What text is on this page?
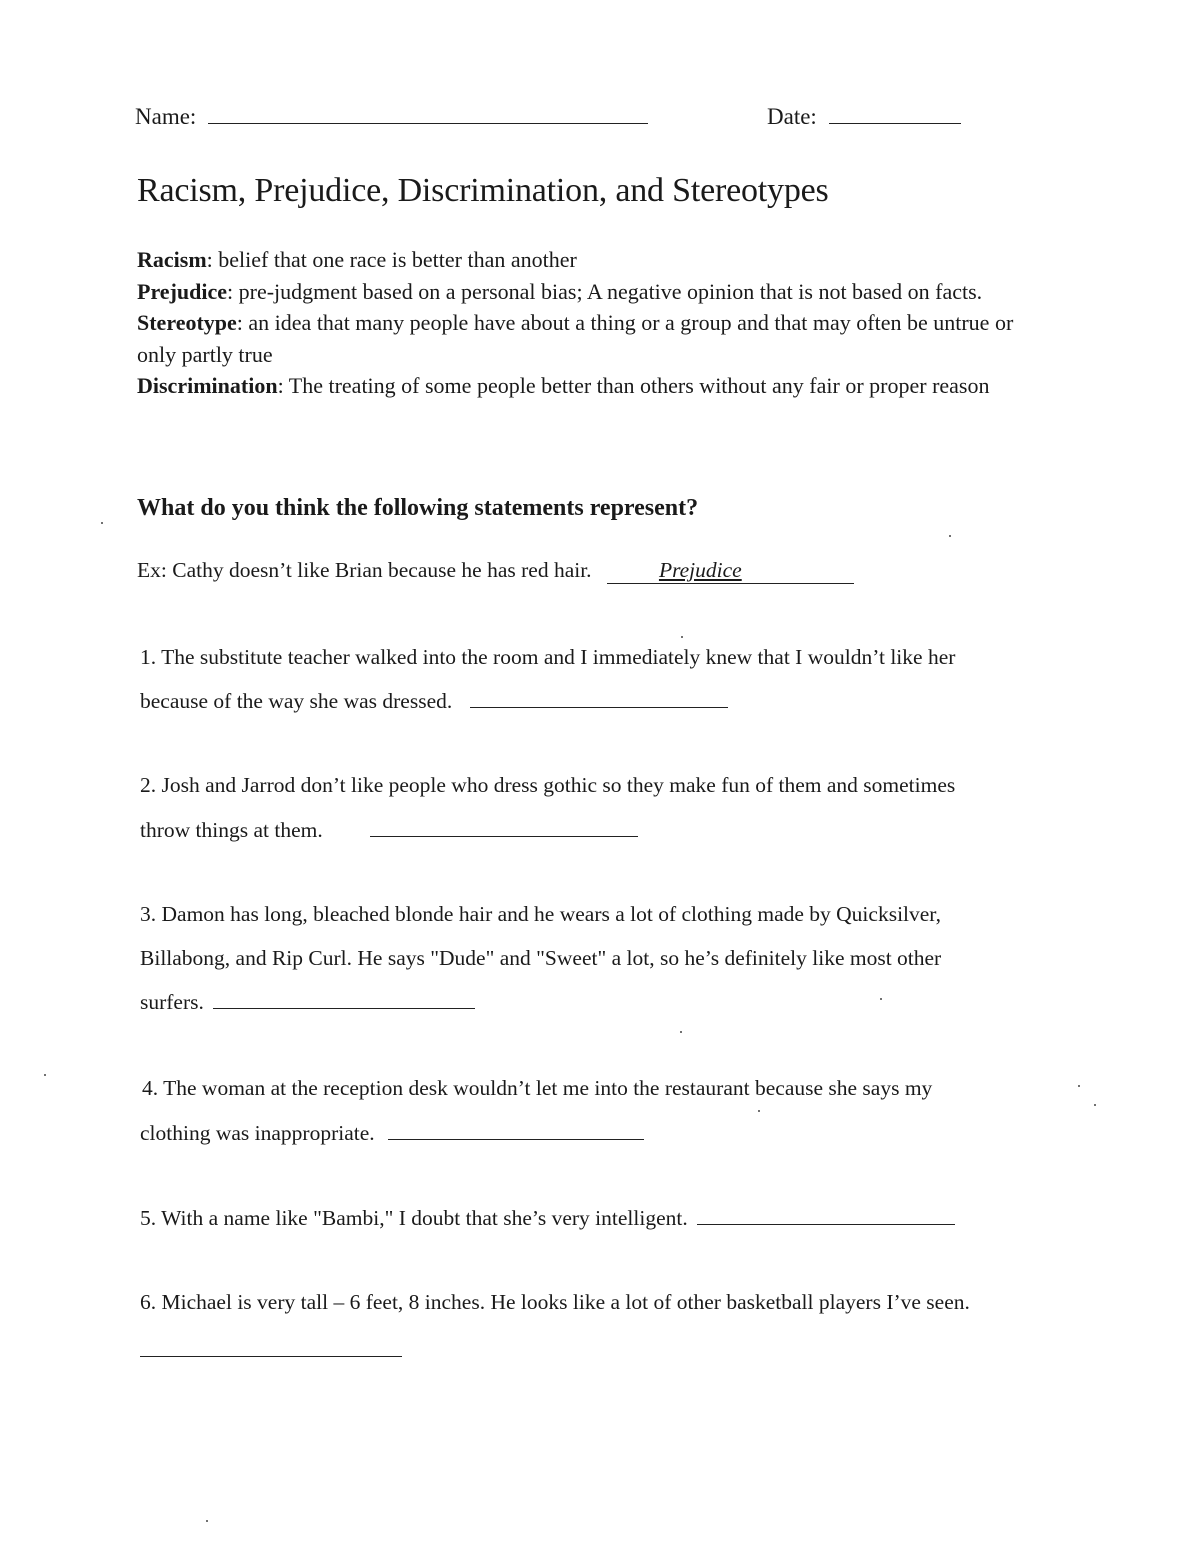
Name:	Date:
Racism, Prejudice, Discrimination, and Stereotypes

Racism: belief that one race is better than another

Prejudice: pre-judgment based on a personal bias; A negative opinion that is not based on facts.

Stereotype: an idea that many people have about a thing or a group and that may often be untrue or only partly true

Discrimination: The treating of some people better than others without any fair or proper reason

What do you think the following statements represent?
Ex: Cathy doesn’t like Brian because he has red hair.	Prejudice
1. The substitute teacher walked into the room and I immediately knew that I wouldn’t like her
because of the way she was dressed.
2. Josh and Jarrod don’t like people who dress gothic so they make fun of them and sometimes
throw things at them.
3. Damon has long, bleached blonde hair and he wears a lot of clothing made by Quicksilver,
Billabong, and Rip Curl. He says "Dude" and "Sweet" a lot, so he’s definitely like most other
surfers.
4. The woman at the reception desk wouldn’t let me into the restaurant because she says my
clothing was inappropriate.
5. With a name like "Bambi," I doubt that she’s very intelligent.
6. Michael is very tall – 6 feet, 8 inches. He looks like a lot of other basketball players I’ve seen.
